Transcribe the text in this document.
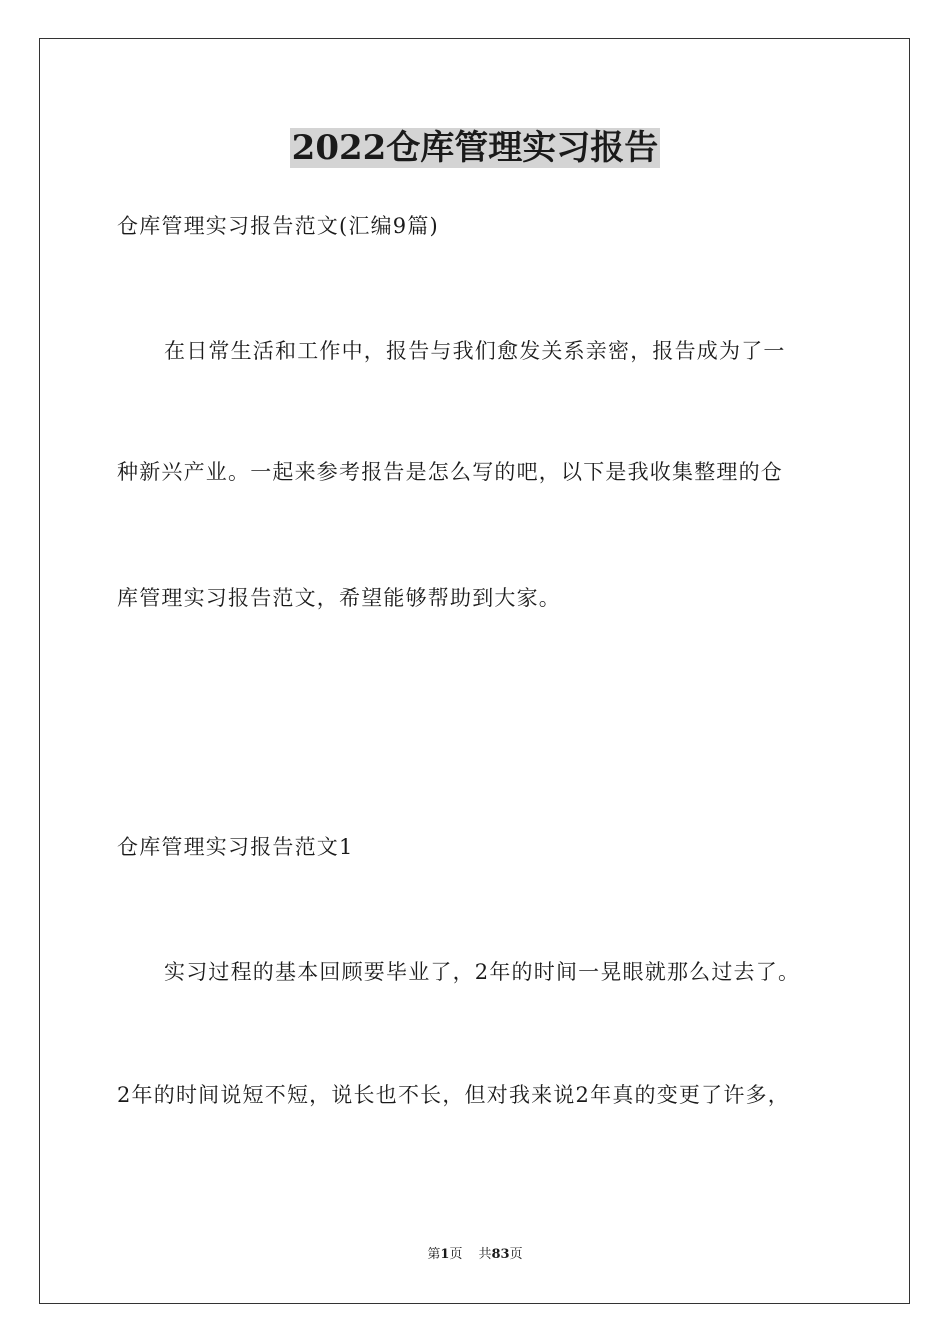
2022仓库管理实习报告
仓库管理实习报告范文(汇编9篇)
在日常生活和工作中，报告与我们愈发关系亲密，报告成为了一
种新兴产业。一起来参考报告是怎么写的吧，以下是我收集整理的仓
库管理实习报告范文，希望能够帮助到大家。
仓库管理实习报告范文1
实习过程的基本回顾要毕业了，2年的时间一晃眼就那么过去了。
2年的时间说短不短，说长也不长，但对我来说2年真的变更了许多，
第1页 共83页
